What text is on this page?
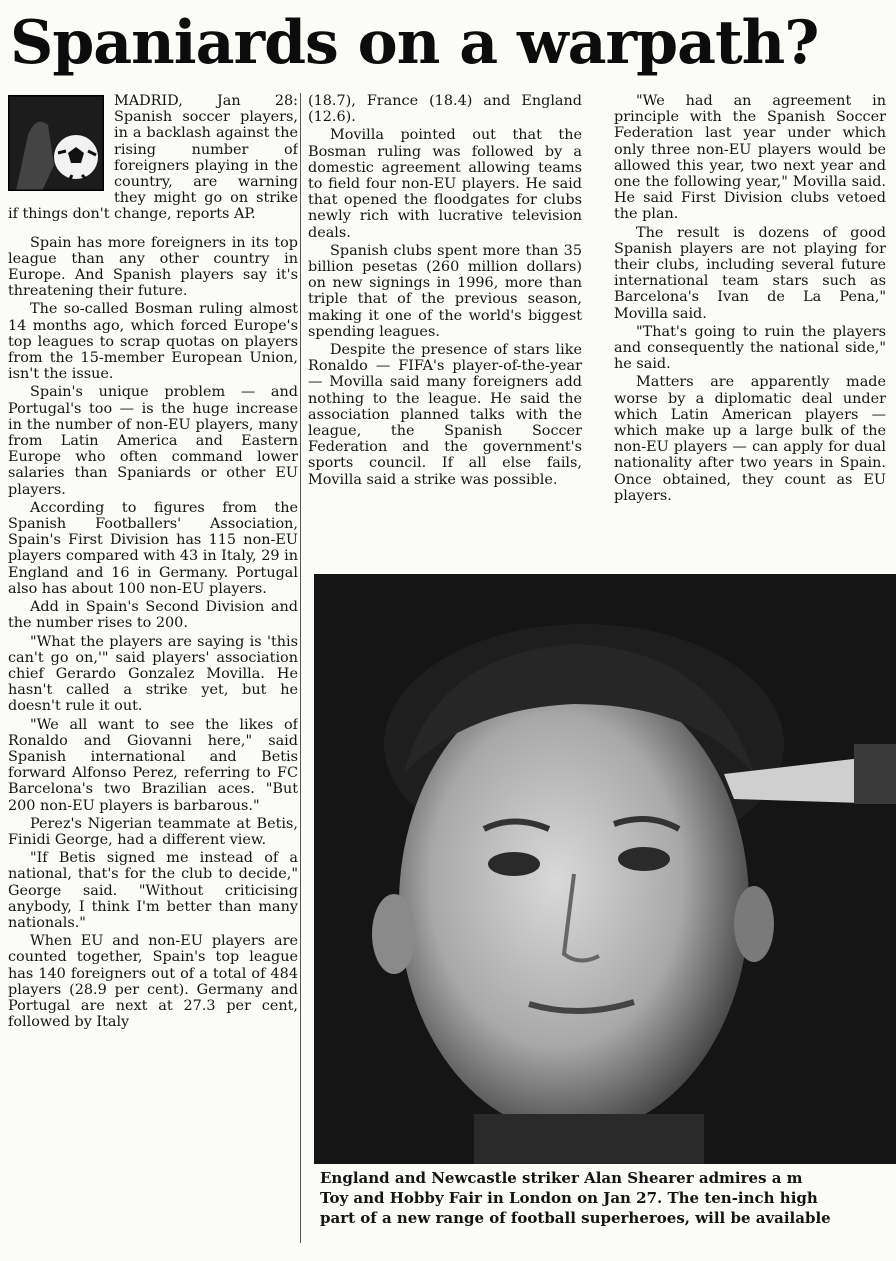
Spaniards on a warpath?

MADRID, Jan 28: Spanish soccer players, in a backlash against the rising number of foreigners playing in the country, are warning they might go on strike if things don't change, reports AP.

Spain has more foreigners in its top league than any other country in Europe. And Spanish players say it's threatening their future.

The so-called Bosman ruling almost 14 months ago, which forced Europe's top leagues to scrap quotas on players from the 15-member European Union, isn't the issue.

Spain's unique problem — and Portugal's too — is the huge increase in the number of non-EU players, many from Latin America and Eastern Europe who often command lower salaries than Spaniards or other EU players.

According to figures from the Spanish Footballers' Association, Spain's First Division has 115 non-EU players compared with 43 in Italy, 29 in England and 16 in Germany. Portugal also has about 100 non-EU players.

Add in Spain's Second Division and the number rises to 200.

"What the players are saying is 'this can't go on,'" said players' association chief Gerardo Gonzalez Movilla. He hasn't called a strike yet, but he doesn't rule it out.

"We all want to see the likes of Ronaldo and Giovanni here," said Spanish international and Betis forward Alfonso Perez, referring to FC Barcelona's two Brazilian aces. "But 200 non-EU players is barbarous."

Perez's Nigerian teammate at Betis, Finidi George, had a different view.

"If Betis signed me instead of a national, that's for the club to decide," George said. "Without criticising anybody, I think I'm better than many nationals."

When EU and non-EU players are counted together, Spain's top league has 140 foreigners out of a total of 484 players (28.9 per cent). Germany and Portugal are next at 27.3 per cent, followed by Italy

(18.7), France (18.4) and England (12.6).

Movilla pointed out that the Bosman ruling was followed by a domestic agreement allowing teams to field four non-EU players. He said that opened the floodgates for clubs newly rich with lucrative television deals.

Spanish clubs spent more than 35 billion pesetas (260 million dollars) on new signings in 1996, more than triple that of the previous season, making it one of the world's biggest spending leagues.

Despite the presence of stars like Ronaldo — FIFA's player-of-the-year — Movilla said many foreigners add nothing to the league. He said the association planned talks with the league, the Spanish Soccer Federation and the government's sports council. If all else fails, Movilla said a strike was possible.

"We had an agreement in principle with the Spanish Soccer Federation last year under which only three non-EU players would be allowed this year, two next year and one the following year," Movilla said. He said First Division clubs vetoed the plan.

The result is dozens of good Spanish players are not playing for their clubs, including several future international team stars such as Barcelona's Ivan de La Pena," Movilla said.

"That's going to ruin the players and consequently the national side," he said.

Matters are apparently made worse by a diplomatic deal under which Latin American players — which make up a large bulk of the non-EU players — can apply for dual nationality after two years in Spain. Once obtained, they count as EU players.

England and Newcastle striker Alan Shearer admires a m
Toy and Hobby Fair in London on Jan 27. The ten-inch high
part of a new range of football superheroes, will be available
